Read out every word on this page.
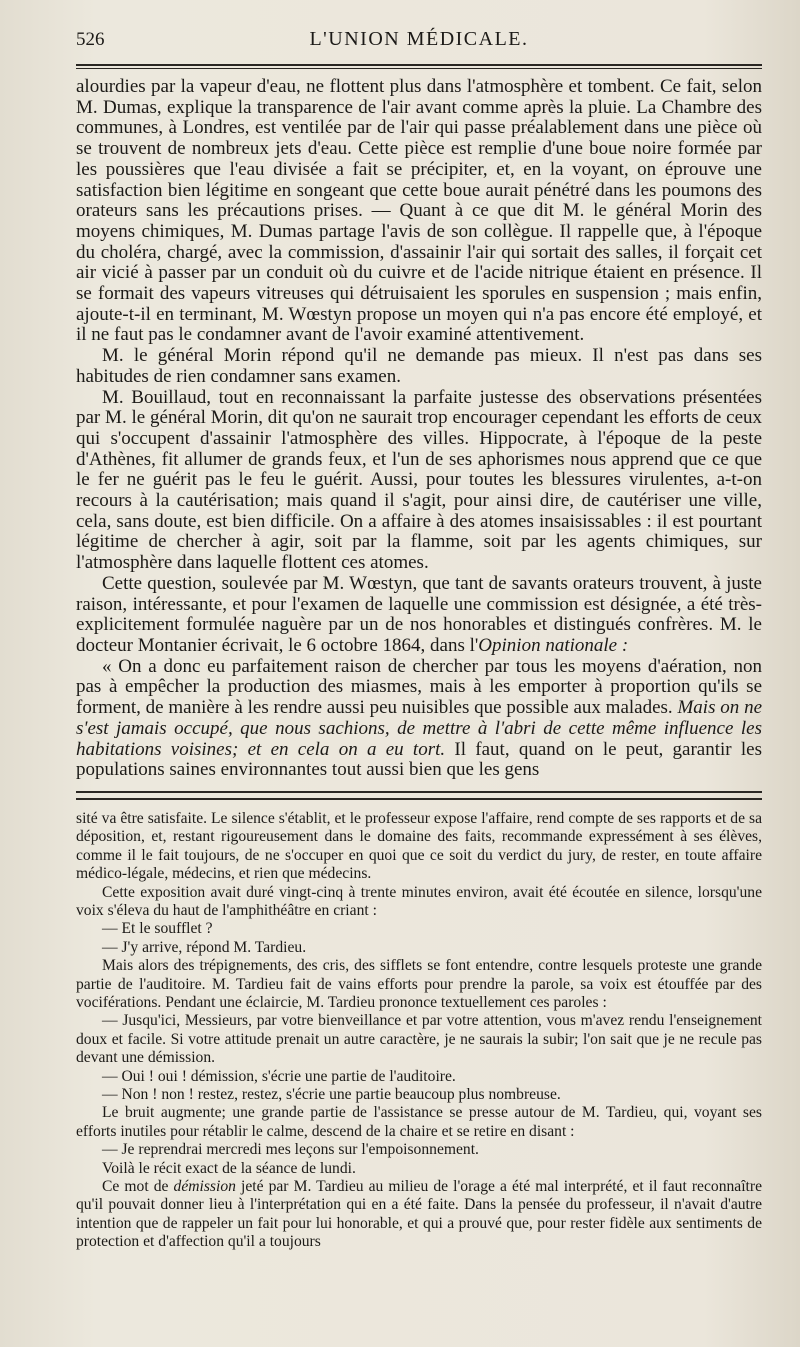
526	L'UNION MÉDICALE.

alourdies par la vapeur d'eau, ne flottent plus dans l'atmosphère et tombent. Ce fait, selon M. Dumas, explique la transparence de l'air avant comme après la pluie. La Chambre des communes, à Londres, est ventilée par de l'air qui passe préalablement dans une pièce où se trouvent de nombreux jets d'eau. Cette pièce est remplie d'une boue noire formée par les poussières que l'eau divisée a fait se précipiter, et, en la voyant, on éprouve une satisfaction bien légitime en songeant que cette boue aurait pénétré dans les poumons des orateurs sans les précautions prises. — Quant à ce que dit M. le général Morin des moyens chimiques, M. Dumas partage l'avis de son collègue. Il rappelle que, à l'époque du choléra, chargé, avec la commission, d'assainir l'air qui sortait des salles, il forçait cet air vicié à passer par un conduit où du cuivre et de l'acide nitrique étaient en présence. Il se formait des vapeurs vitreuses qui détruisaient les sporules en suspension ; mais enfin, ajoute-t-il en terminant, M. Wœstyn propose un moyen qui n'a pas encore été employé, et il ne faut pas le condamner avant de l'avoir examiné attentivement.

M. le général Morin répond qu'il ne demande pas mieux. Il n'est pas dans ses habitudes de rien condamner sans examen.

M. Bouillaud, tout en reconnaissant la parfaite justesse des observations présentées par M. le général Morin, dit qu'on ne saurait trop encourager cependant les efforts de ceux qui s'occupent d'assainir l'atmosphère des villes. Hippocrate, à l'époque de la peste d'Athènes, fit allumer de grands feux, et l'un de ses aphorismes nous apprend que ce que le fer ne guérit pas le feu le guérit. Aussi, pour toutes les blessures virulentes, a-t-on recours à la cautérisation; mais quand il s'agit, pour ainsi dire, de cautériser une ville, cela, sans doute, est bien difficile. On a affaire à des atomes insaisissables : il est pourtant légitime de chercher à agir, soit par la flamme, soit par les agents chimiques, sur l'atmosphère dans laquelle flottent ces atomes.

Cette question, soulevée par M. Wœstyn, que tant de savants orateurs trouvent, à juste raison, intéressante, et pour l'examen de laquelle une commission est désignée, a été très-explicitement formulée naguère par un de nos honorables et distingués confrères. M. le docteur Montanier écrivait, le 6 octobre 1864, dans l'Opinion nationale :

« On a donc eu parfaitement raison de chercher par tous les moyens d'aération, non pas à empêcher la production des miasmes, mais à les emporter à proportion qu'ils se forment, de manière à les rendre aussi peu nuisibles que possible aux malades. Mais on ne s'est jamais occupé, que nous sachions, de mettre à l'abri de cette même influence les habitations voisines; et en cela on a eu tort. Il faut, quand on le peut, garantir les populations saines environnantes tout aussi bien que les gens

sité va être satisfaite. Le silence s'établit, et le professeur expose l'affaire, rend compte de ses rapports et de sa déposition, et, restant rigoureusement dans le domaine des faits, recommande expressément à ses élèves, comme il le fait toujours, de ne s'occuper en quoi que ce soit du verdict du jury, de rester, en toute affaire médico-légale, médecins, et rien que médecins.

Cette exposition avait duré vingt-cinq à trente minutes environ, avait été écoutée en silence, lorsqu'une voix s'éleva du haut de l'amphithéâtre en criant :

— Et le soufflet ?

— J'y arrive, répond M. Tardieu.

Mais alors des trépignements, des cris, des sifflets se font entendre, contre lesquels proteste une grande partie de l'auditoire. M. Tardieu fait de vains efforts pour prendre la parole, sa voix est étouffée par des vociférations. Pendant une éclaircie, M. Tardieu prononce textuellement ces paroles :

— Jusqu'ici, Messieurs, par votre bienveillance et par votre attention, vous m'avez rendu l'enseignement doux et facile. Si votre attitude prenait un autre caractère, je ne saurais la subir; l'on sait que je ne recule pas devant une démission.

— Oui ! oui ! démission, s'écrie une partie de l'auditoire.

— Non ! non ! restez, restez, s'écrie une partie beaucoup plus nombreuse.

Le bruit augmente; une grande partie de l'assistance se presse autour de M. Tardieu, qui, voyant ses efforts inutiles pour rétablir le calme, descend de la chaire et se retire en disant :

— Je reprendrai mercredi mes leçons sur l'empoisonnement.

Voilà le récit exact de la séance de lundi.

Ce mot de démission jeté par M. Tardieu au milieu de l'orage a été mal interprété, et il faut reconnaître qu'il pouvait donner lieu à l'interprétation qui en a été faite. Dans la pensée du professeur, il n'avait d'autre intention que de rappeler un fait pour lui honorable, et qui a prouvé que, pour rester fidèle aux sentiments de protection et d'affection qu'il a toujours
